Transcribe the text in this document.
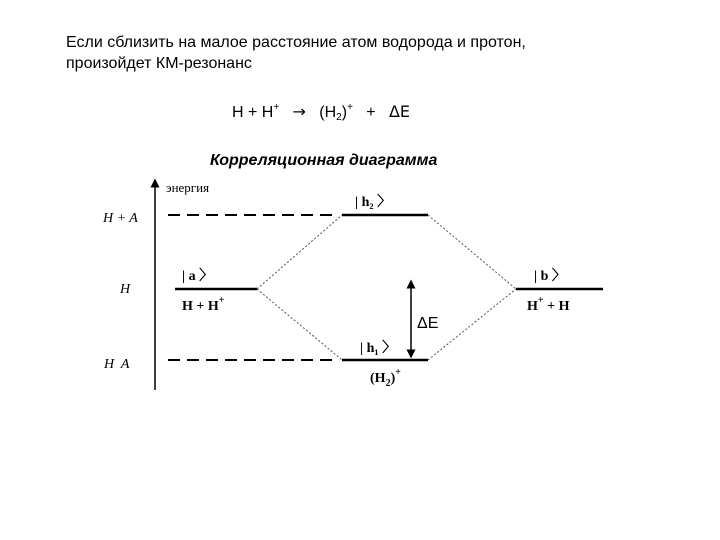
Если сблизить на малое расстояние атом водорода и протон,
произойдет КМ-резонанс
$H + H^+ \to (H_2)^+ + \Delta E$
Корреляционная диаграмма
энергия
H + A
H
H  A
ΔE
| h₂ 〉
| a 〉	| b 〉
| h₁ 〉
H + H+	H+ + H
$(H_2)^+$
